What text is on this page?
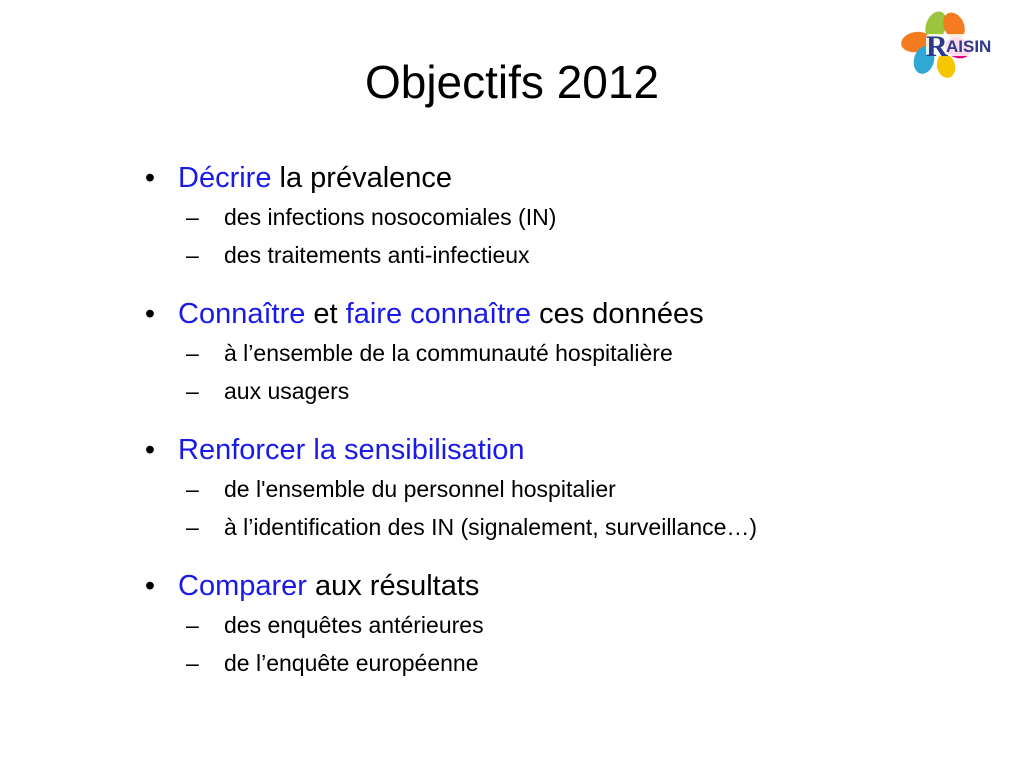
Objectifs 2012
R
AISIN
• Décrire la prévalence
– des infections nosocomiales (IN)
– des traitements anti-infectieux
• Connaître et faire connaître ces données
– à l’ensemble de la communauté hospitalière
– aux usagers
• Renforcer la sensibilisation
– de l'ensemble du personnel hospitalier
– à l’identification des IN (signalement, surveillance…)
• Comparer aux résultats
– des enquêtes antérieures
– de l’enquête européenne
